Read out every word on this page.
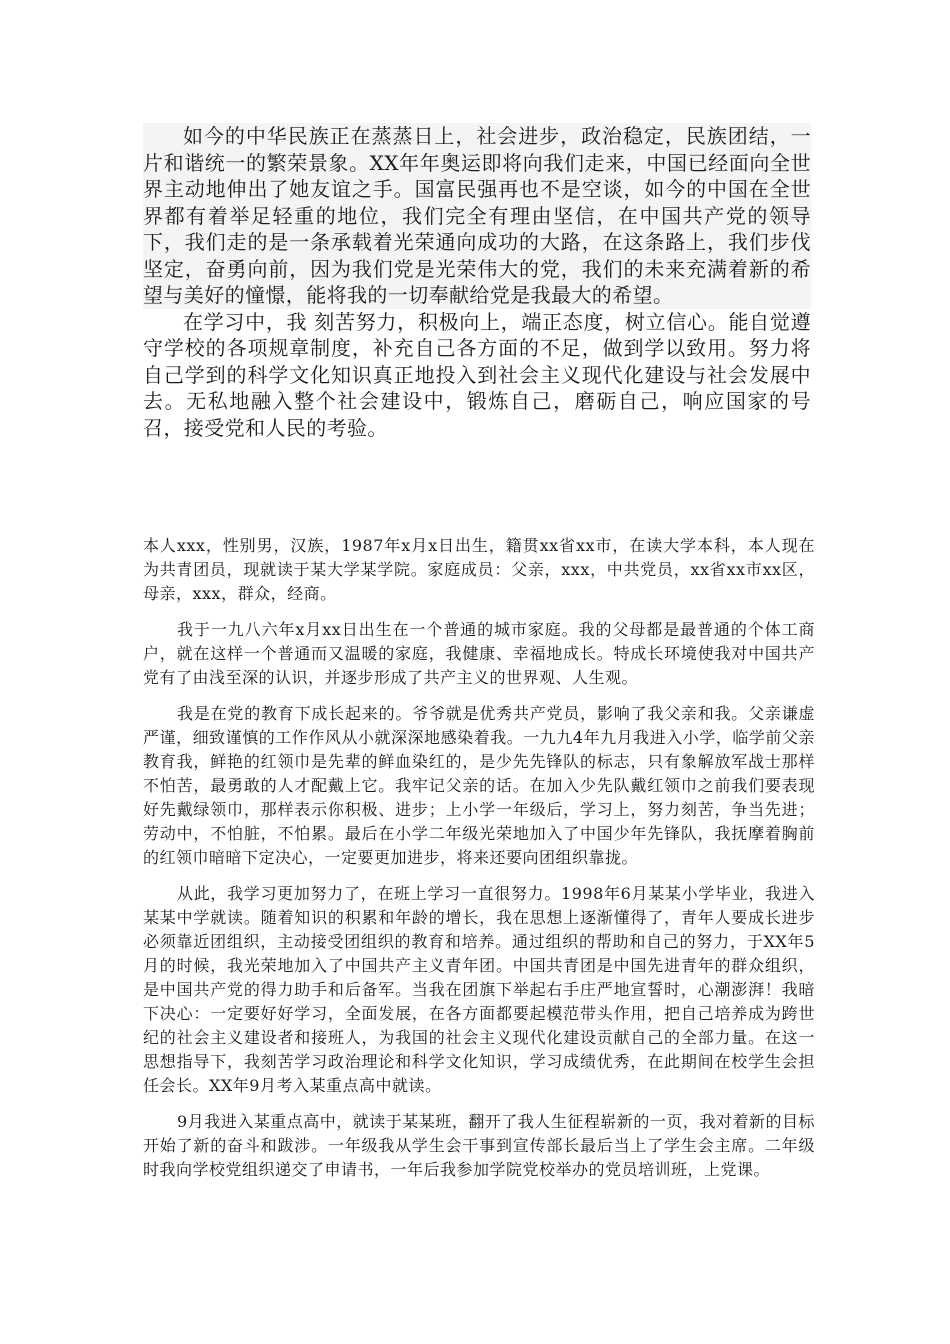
如今的中华民族正在蒸蒸日上，社会进步，政治稳定，民族团结，一片和谐统一的繁荣景象。XX年年奥运即将向我们走来，中国已经面向全世界主动地伸出了她友谊之手。国富民强再也不是空谈，如今的中国在全世界都有着举足轻重的地位，我们完全有理由坚信，在中国共产党的领导下，我们走的是一条承载着光荣通向成功的大路，在这条路上，我们步伐坚定，奋勇向前，因为我们党是光荣伟大的党，我们的未来充满着新的希望与美好的憧憬，能将我的一切奉献给党是我最大的希望。

在学习中，我 刻苦努力，积极向上，端正态度，树立信心。能自觉遵守学校的各项规章制度，补充自己各方面的不足，做到学以致用。努力将自己学到的科学文化知识真正地投入到社会主义现代化建设与社会发展中去。无私地融入整个社会建设中，锻炼自己，磨砺自己，响应国家的号召，接受党和人民的考验。

本人xxx，性别男，汉族，1987年x月x日出生，籍贯xx省xx市，在读大学本科，本人现在为共青团员，现就读于某大学某学院。家庭成员：父亲，xxx，中共党员，xx省xx市xx区，母亲，xxx，群众，经商。

我于一九八六年x月xx日出生在一个普通的城市家庭。我的父母都是最普通的个体工商户，就在这样一个普通而又温暖的家庭，我健康、幸福地成长。特成长环境使我对中国共产党有了由浅至深的认识，并逐步形成了共产主义的世界观、人生观。

我是在党的教育下成长起来的。爷爷就是优秀共产党员，影响了我父亲和我。父亲谦虚严谨，细致谨慎的工作作风从小就深深地感染着我。一九九4年九月我进入小学，临学前父亲教育我，鲜艳的红领巾是先辈的鲜血染红的，是少先先锋队的标志，只有象解放军战士那样不怕苦，最勇敢的人才配戴上它。我牢记父亲的话。在加入少先队戴红领巾之前我们要表现好先戴绿领巾，那样表示你积极、进步；上小学一年级后，学习上，努力刻苦，争当先进；劳动中，不怕脏，不怕累。最后在小学二年级光荣地加入了中国少年先锋队，我抚摩着胸前的红领巾暗暗下定决心，一定要更加进步，将来还要向团组织靠拢。

从此，我学习更加努力了，在班上学习一直很努力。1998年6月某某小学毕业，我进入某某中学就读。随着知识的积累和年龄的增长，我在思想上逐渐懂得了，青年人要成长进步必须靠近团组织，主动接受团组织的教育和培养。通过组织的帮助和自己的努力，于XX年5月的时候，我光荣地加入了中国共产主义青年团。中国共青团是中国先进青年的群众组织，是中国共产党的得力助手和后备军。当我在团旗下举起右手庄严地宣誓时，心潮澎湃！我暗下决心：一定要好好学习，全面发展，在各方面都要起模范带头作用，把自己培养成为跨世纪的社会主义建设者和接班人，为我国的社会主义现代化建设贡献自己的全部力量。在这一思想指导下，我刻苦学习政治理论和科学文化知识，学习成绩优秀，在此期间在校学生会担任会长。XX年9月考入某重点高中就读。

9月我进入某重点高中，就读于某某班，翻开了我人生征程崭新的一页，我对着新的目标开始了新的奋斗和跋涉。一年级我从学生会干事到宣传部长最后当上了学生会主席。二年级时我向学校党组织递交了申请书，一年后我参加学院党校举办的党员培训班，上党课。
